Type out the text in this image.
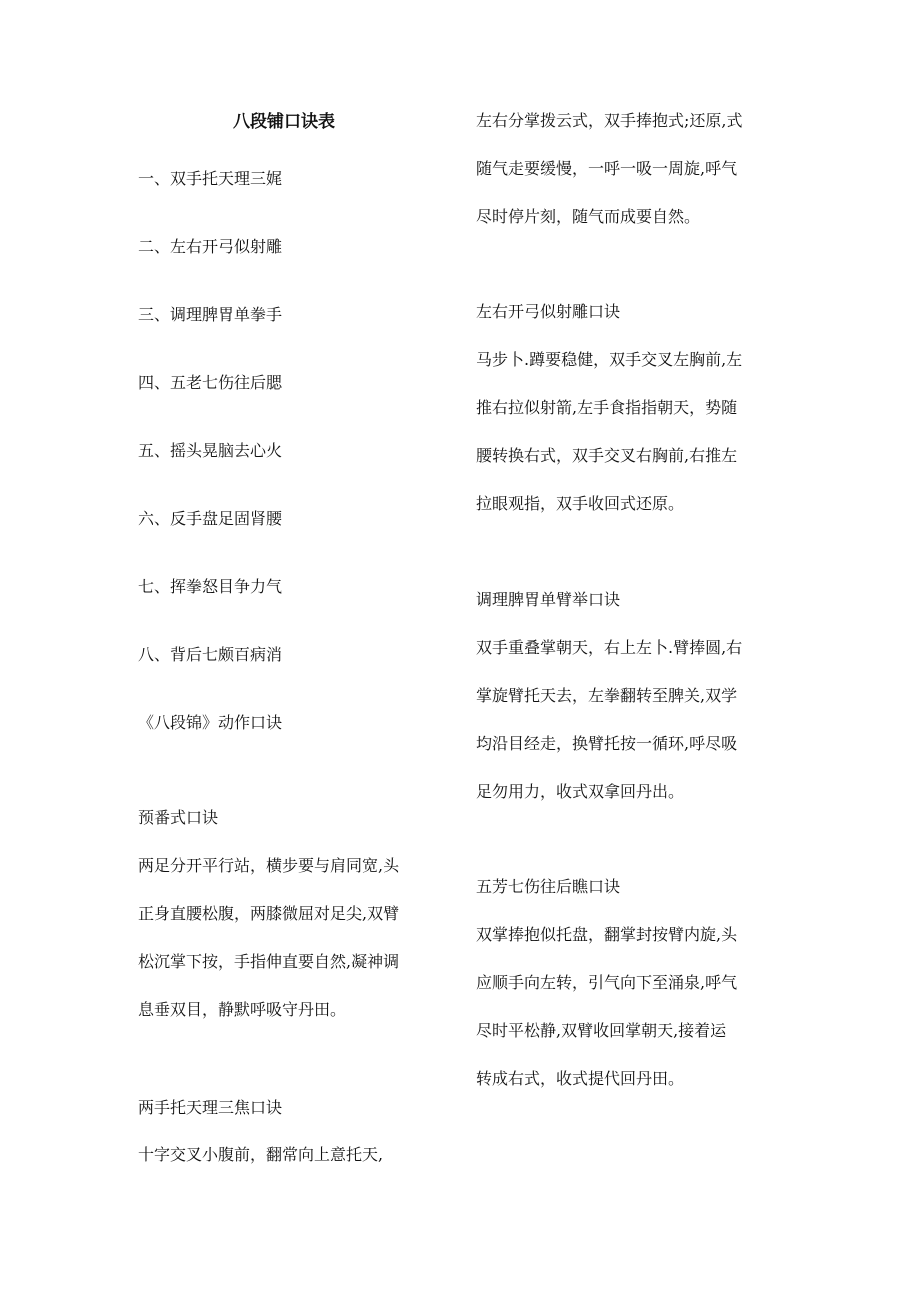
八段铺口诀表
一、双手托天理三娓
二、左右开弓似射雕
三、调理脾胃单拳手
四、五老七伤往后腮
五、摇头晃脑去心火
六、反手盘足固肾腰
七、挥拳怒目争力气
八、背后七颇百病消
《八段锦》动作口诀
预番式口诀
两足分开平行站，横步要与肩同宽,头
正身直腰松腹，两膝微屈对足尖,双臂
松沉掌下按，手指伸直要自然,凝神调
息垂双目，静默呼吸守丹田。
两手托天理三焦口诀
十字交叉小腹前，翻常向上意托天,
左右分掌拨云式，双手捧抱式;还原,式
随气走要缓慢，一呼一吸一周旋,呼气
尽时停片刻，随气而成要自然。
左右开弓似射雕口诀
马步卜.蹲要稳健，双手交叉左胸前,左
推右拉似射箭,左手食指指朝天，势随
腰转换右式，双手交叉右胸前,右推左
拉眼观指，双手收回式还原。
调理脾胃单臂举口诀
双手重叠掌朝天，右上左卜.臂捧圆,右
掌旋臂托天去，左拳翻转至脾关,双学
均沿目经走，换臂托按一循环,呼尽吸
足勿用力，收式双拿回丹出。
五芳七伤往后瞧口诀
双掌捧抱似托盘，翻掌封按臂内旋,头
应顺手向左转，引气向下至涌泉,呼气
尽时平松静,双臂收回掌朝天,接着运
转成右式，收式提代回丹田。
